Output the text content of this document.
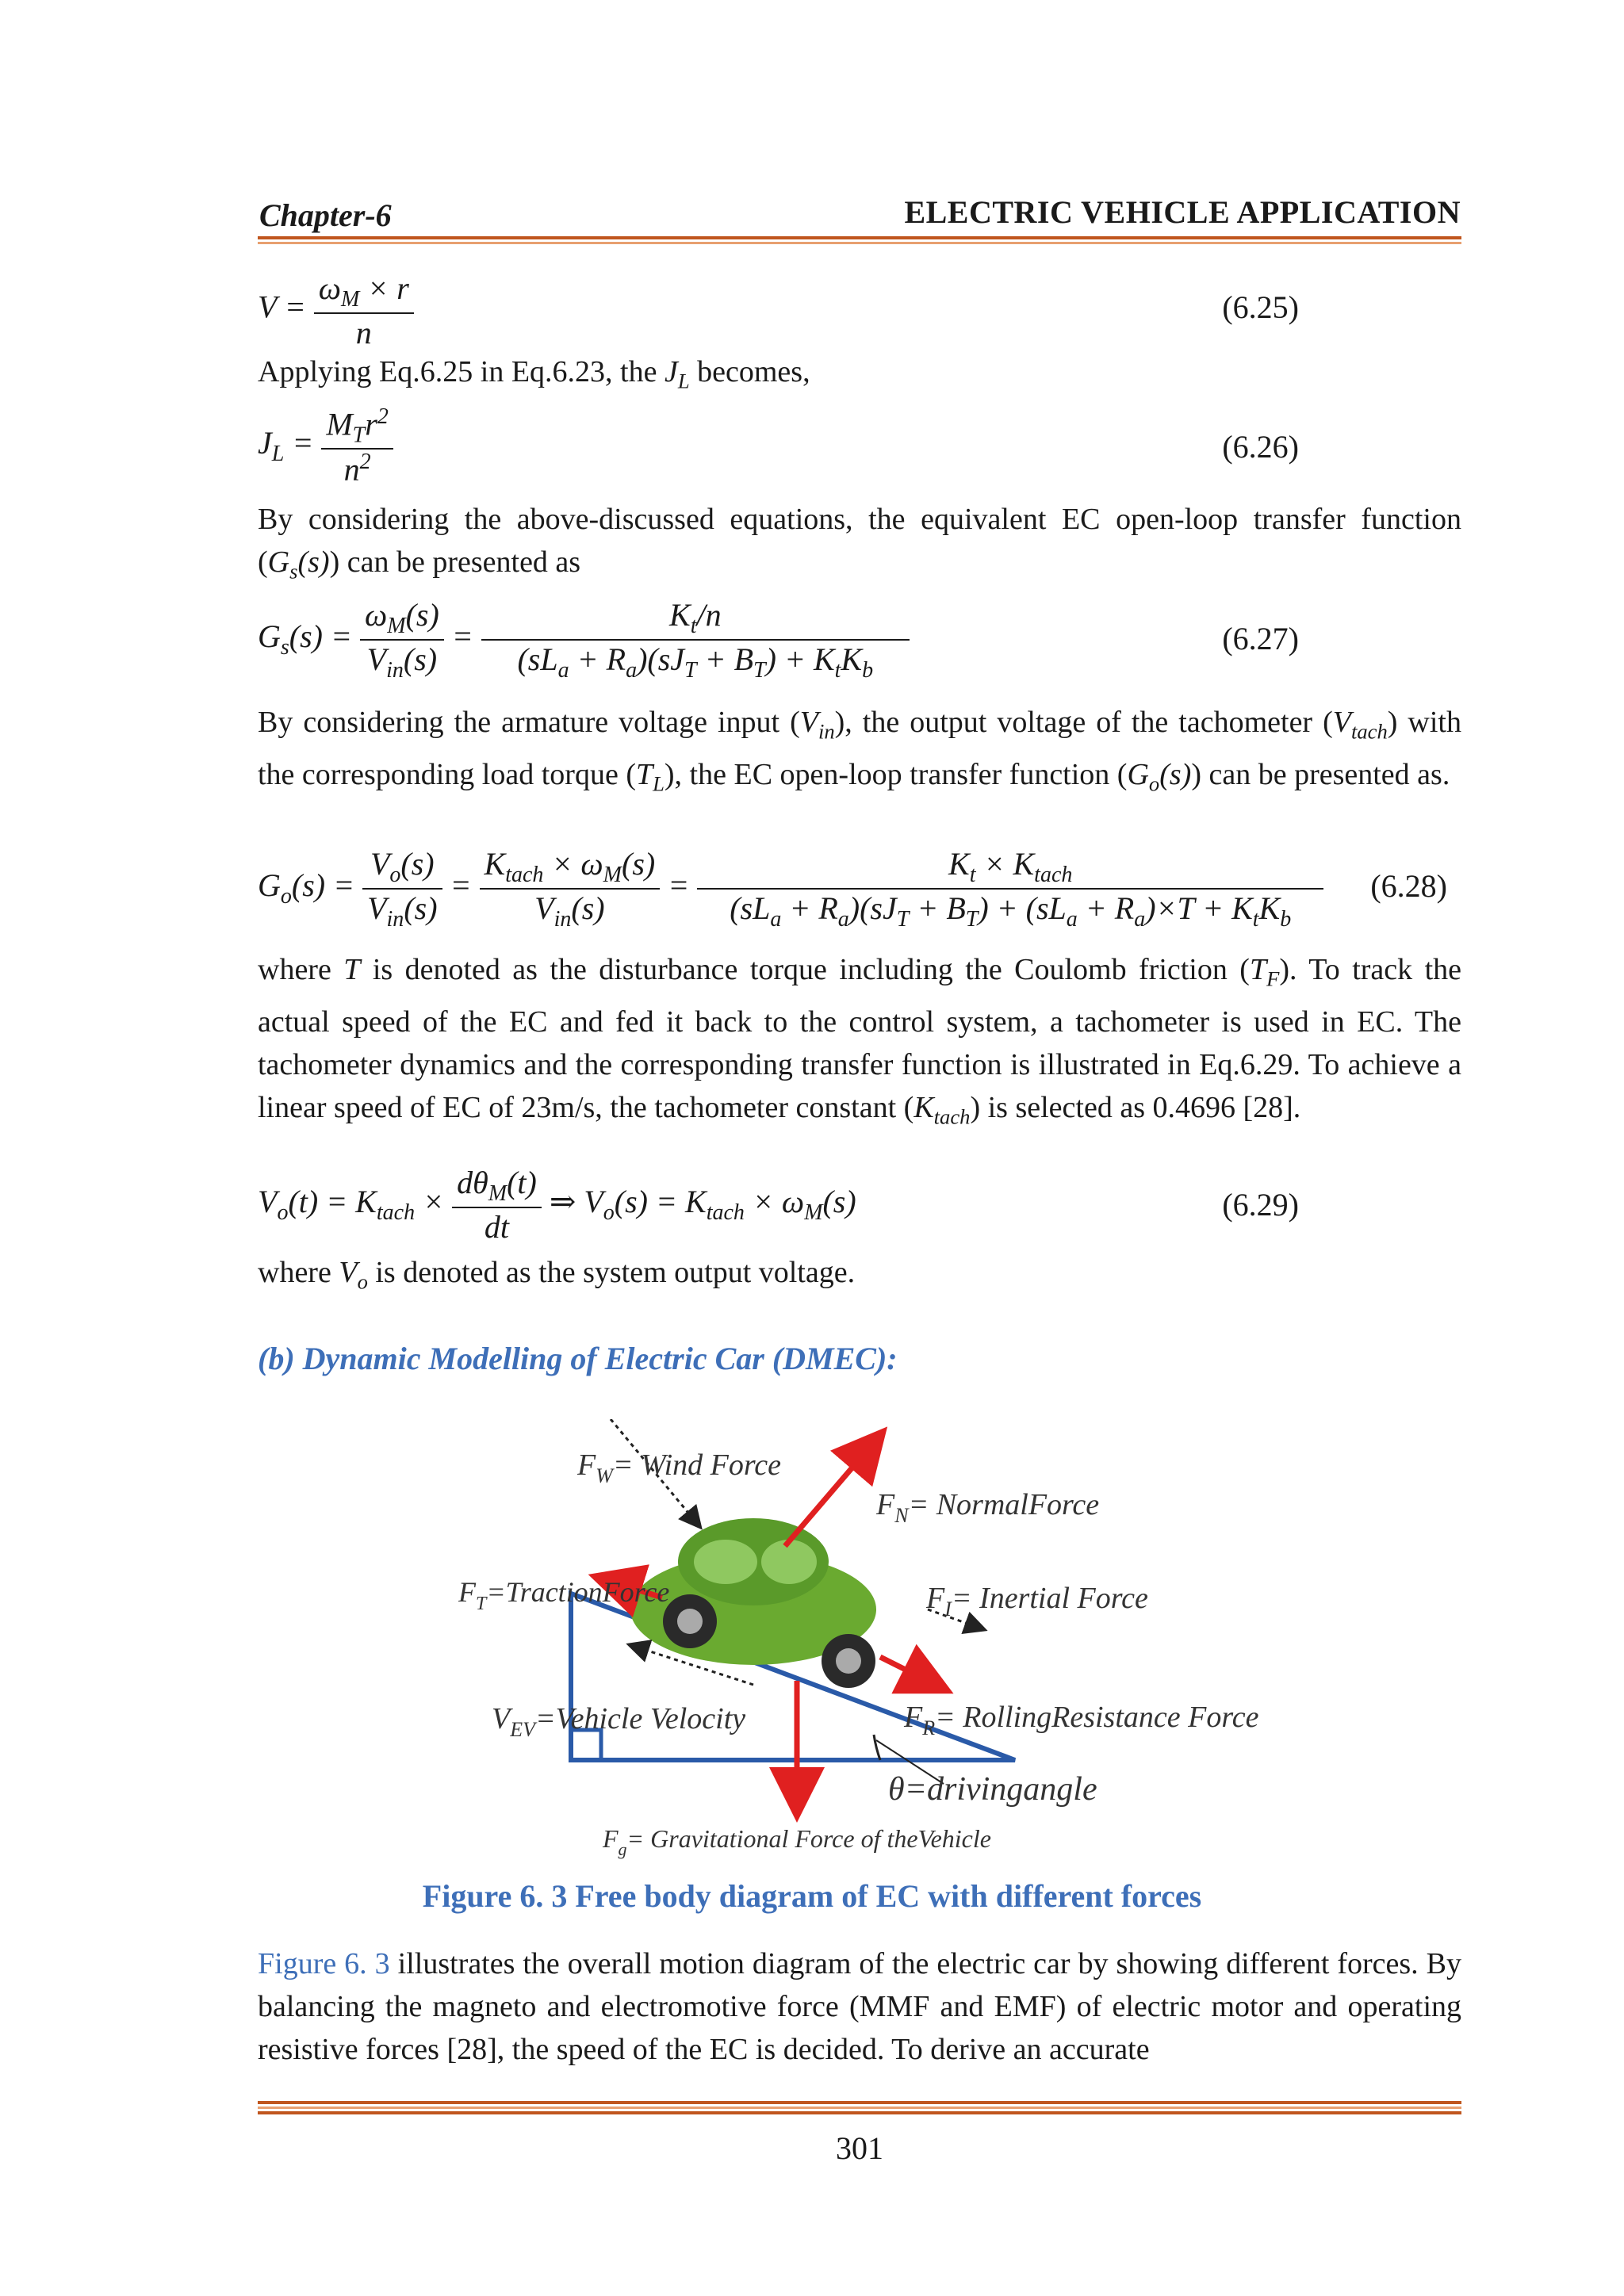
Chapter-6	ELECTRIC VEHICLE APPLICATION
$V = \frac{\omega_M \times r}{n}$	(6.25)
Applying Eq.6.25 in Eq.6.23, the $J_L$ becomes,
$J_L = \frac{M_Tr^2}{n^2}$	(6.26)
By considering the above-discussed equations, the equivalent EC open-loop transfer function $(G_s(s))$ can be presented as
$G_s(s) = \frac{\omega_M(s)}{V_{in}(s)} = \frac{K_t/n}{(sL_a + R_a)(sJ_T + B_T) + K_tK_b}$	(6.27)
By considering the armature voltage input $(V_{in})$, the output voltage of the tachometer $(V_{tach})$ with the corresponding load torque $(T_L)$, the EC open-loop transfer function $(G_o(s))$ can be presented as.
$G_o(s) = \frac{V_o(s)}{V_{in}(s)} = \frac{K_{tach} \times \omega_M(s)}{V_{in}(s)} = \frac{K_t \times K_{tach}}{(sL_a + R_a)(sJ_T + B_T) + (sL_a + R_a)\times T + K_tK_b} (6.28)$
where T is denoted as the disturbance torque including the Coulomb friction $(T_F)$. To track the actual speed of the EC and fed it back to the control system, a tachometer is used in EC. The tachometer dynamics and the corresponding transfer function is illustrated in Eq.6.29. To achieve a linear speed of EC of 23m/s, the tachometer constant $(K_{tach})$ is selected as 0.4696 [28].
$V_o(t) = K_{tach} \times \frac{d\theta_M(t)}{dt}$ ⇒ $V_o(s) = K_{tach} \times \omega_M(s)$	(6.29)
where $V_o$ is denoted as the system output voltage.
(b) Dynamic Modelling of Electric Car (DMEC):
$F_W=$ Wind Force
$F_N=$ NormalForce
$F_T=TractionForce$	$F_I=$ Inertial Force
$V_{EV}=Vehicle$ Velocity	$F_R=$ RollingResistance Force
θ=drivingangle
$F_g=$ Gravitational Force of theVehicle
Figure 6. 3 Free body diagram of EC with different forces
Figure 6. 3 illustrates the overall motion diagram of the electric car by showing different forces. By balancing the magneto and electromotive force (MMF and EMF) of electric motor and operating resistive forces [28], the speed of the EC is decided. To derive an accurate
301
